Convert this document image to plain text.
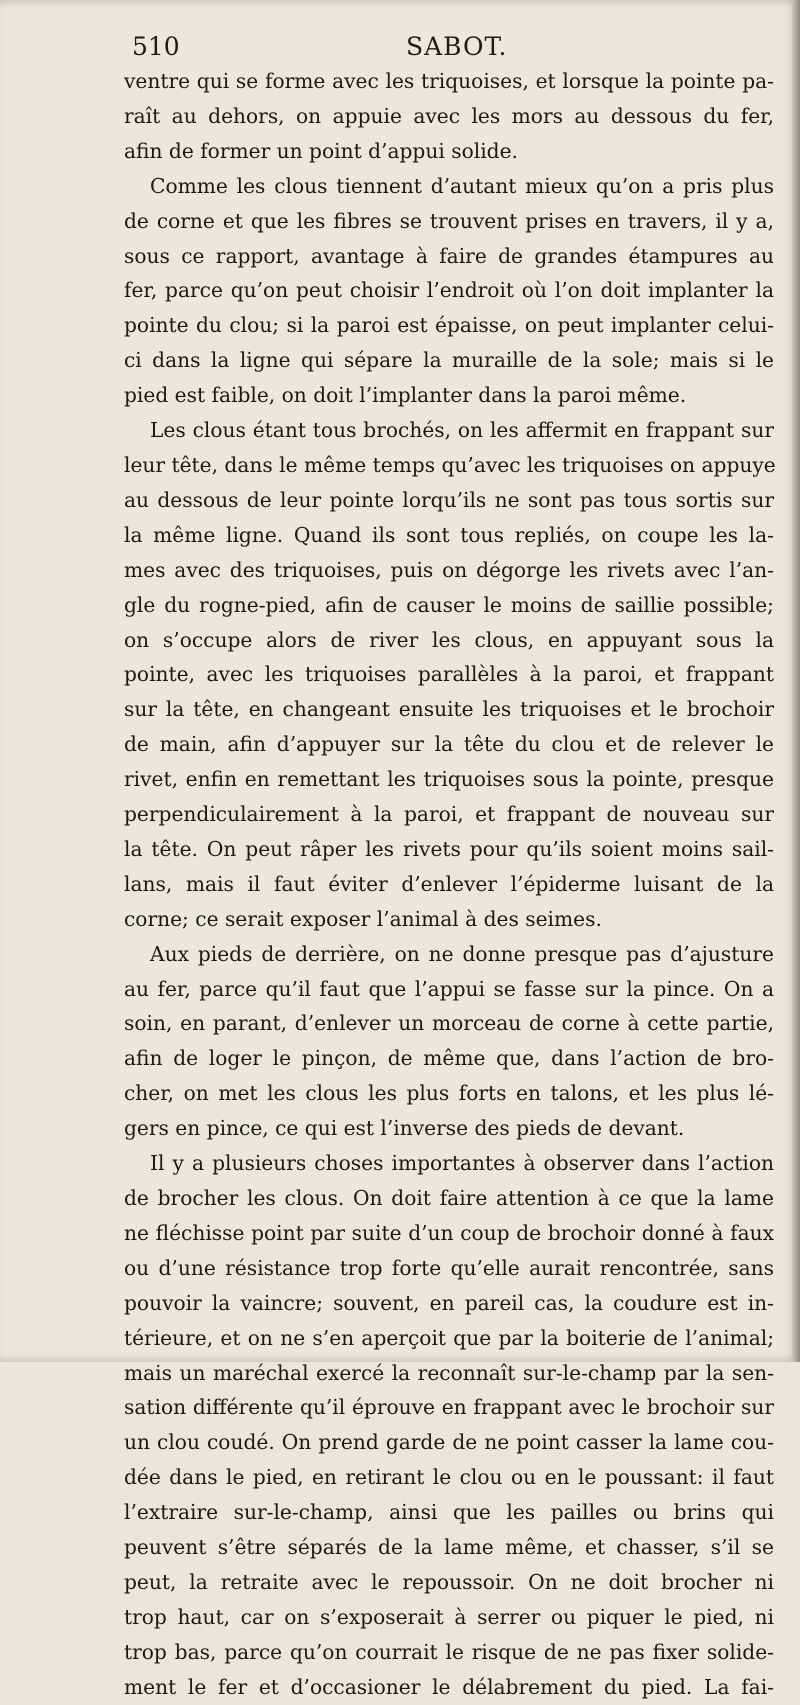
510	SABOT.
ventre qui se forme avec les triquoises, et lorsque la pointe pa-
raît au dehors, on appuie avec les mors au dessous du fer,
afin de former un point d’appui solide.
Comme les clous tiennent d’autant mieux qu’on a pris plus
de corne et que les fibres se trouvent prises en travers, il y a,
sous ce rapport, avantage à faire de grandes étampures au
fer, parce qu’on peut choisir l’endroit où l’on doit implanter la
pointe du clou; si la paroi est épaisse, on peut implanter celui-
ci dans la ligne qui sépare la muraille de la sole; mais si le
pied est faible, on doit l’implanter dans la paroi même.
Les clous étant tous brochés, on les affermit en frappant sur
leur tête, dans le même temps qu’avec les triquoises on appuye
au dessous de leur pointe lorqu’ils ne sont pas tous sortis sur
la même ligne. Quand ils sont tous repliés, on coupe les la-
mes avec des triquoises, puis on dégorge les rivets avec l’an-
gle du rogne-pied, afin de causer le moins de saillie possible;
on s’occupe alors de river les clous, en appuyant sous la
pointe, avec les triquoises parallèles à la paroi, et frappant
sur la tête, en changeant ensuite les triquoises et le brochoir
de main, afin d’appuyer sur la tête du clou et de relever le
rivet, enfin en remettant les triquoises sous la pointe, presque
perpendiculairement à la paroi, et frappant de nouveau sur
la tête. On peut râper les rivets pour qu’ils soient moins sail-
lans, mais il faut éviter d’enlever l’épiderme luisant de la
corne; ce serait exposer l’animal à des seimes.
Aux pieds de derrière, on ne donne presque pas d’ajusture
au fer, parce qu’il faut que l’appui se fasse sur la pince. On a
soin, en parant, d’enlever un morceau de corne à cette partie,
afin de loger le pinçon, de même que, dans l’action de bro-
cher, on met les clous les plus forts en talons, et les plus lé-
gers en pince, ce qui est l’inverse des pieds de devant.
Il y a plusieurs choses importantes à observer dans l’action
de brocher les clous. On doit faire attention à ce que la lame
ne fléchisse point par suite d’un coup de brochoir donné à faux
ou d’une résistance trop forte qu’elle aurait rencontrée, sans
pouvoir la vaincre; souvent, en pareil cas, la coudure est in-
térieure, et on ne s’en aperçoit que par la boiterie de l’animal;
mais un maréchal exercé la reconnaît sur-le-champ par la sen-
sation différente qu’il éprouve en frappant avec le brochoir sur
un clou coudé. On prend garde de ne point casser la lame cou-
dée dans le pied, en retirant le clou ou en le poussant: il faut
l’extraire sur-le-champ, ainsi que les pailles ou brins qui
peuvent s’être séparés de la lame même, et chasser, s’il se
peut, la retraite avec le repoussoir. On ne doit brocher ni
trop haut, car on s’exposerait à serrer ou piquer le pied, ni
trop bas, parce qu’on courrait le risque de ne pas fixer solide-
ment le fer et d’occasioner le délabrement du pied. La fai-
